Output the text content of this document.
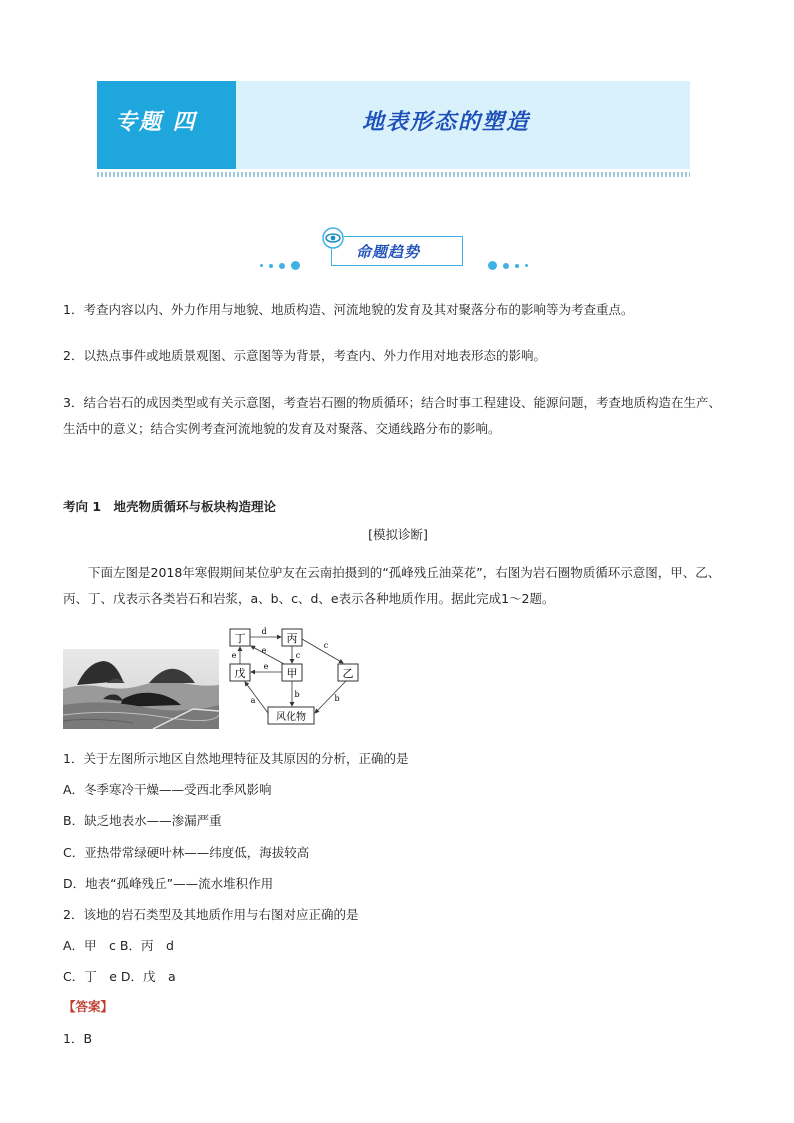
专题 四	地表形态的塑造
命题趋势
1．考查内容以内、外力作用与地貌、地质构造、河流地貌的发育及其对聚落分布的影响等为考查重点。
2．以热点事件或地质景观图、示意图等为背景，考查内、外力作用对地表形态的影响。
3．结合岩石的成因类型或有关示意图，考查岩石圈的物质循环；结合时事工程建设、能源问题，考查地质构造在生产、生活中的意义；结合实例考查河流地貌的发育及对聚落、交通线路分布的影响。
考向 1　地壳物质循环与板块构造理论
[模拟诊断]
下面左图是2018年寒假期间某位驴友在云南拍摄到的“孤峰残丘油菜花”，右图为岩石圈物质循环示意图，甲、乙、丙、丁、戊表示各类岩石和岩浆，a、b、c、d、e表示各种地质作用。据此完成1～2题。
丁	丙
戊	甲	乙
风化物
d
e	c
e
e
c
b	b
a
1．关于左图所示地区自然地理特征及其原因的分析，正确的是
A．冬季寒冷干燥——受西北季风影响
B．缺乏地表水——渗漏严重
C．亚热带常绿硬叶林——纬度低，海拔较高
D．地表“孤峰残丘”——流水堆积作用
2．该地的岩石类型及其地质作用与右图对应正确的是
A．甲　c B．丙　d
C．丁　e D．戊　a
【答案】
1．B
